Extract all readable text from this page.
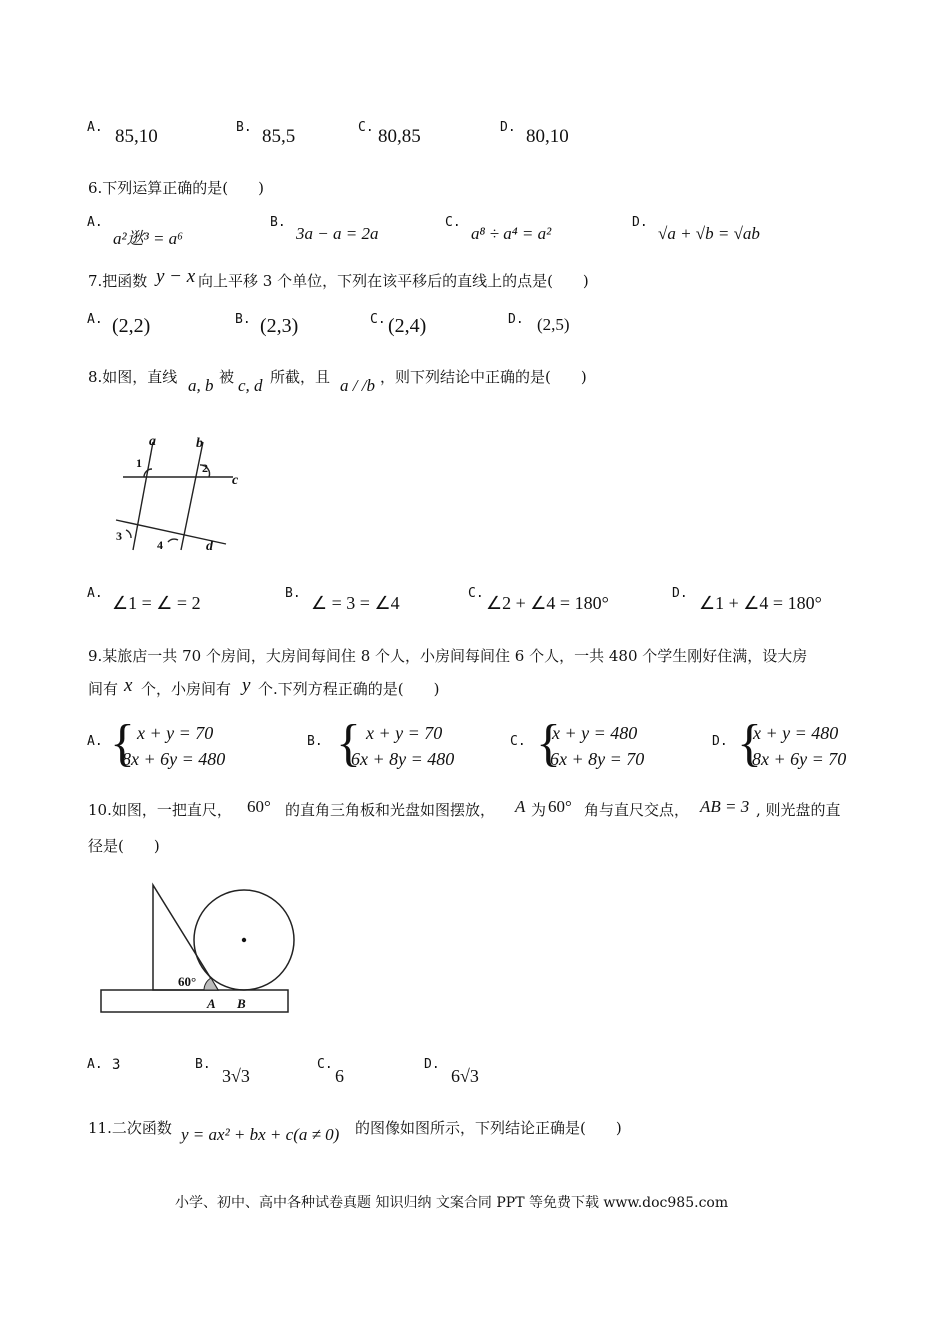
A. 85,10	B. 85,5	C. 80,85	D. 80,10
6.下列运算正确的是(　　)
A.
a²逖³ = a⁶
B.
3a − a = 2a
C.
a⁸ ÷ a⁴ = a²
D.
√a + √b = √ab
7.把函数 y − x 向上平移 3 个单位，下列在该平移后的直线上的点是(　　)
A. (2,2)	B. (2,3)	C. (2,4)	D. (2,5)
8.如图，直线 a, b 被 c, d 所截，且 a / /b ，则下列结论中正确的是(　　)
a	b
c
d
1	2
3
4
A. ∠1 = ∠ = 2	B. ∠ = 3 = ∠4	C. ∠2 + ∠4 = 180°	D. ∠1 + ∠4 = 180°
9.某旅店一共 70 个房间，大房间每间住 8 个人，小房间每间住 6 个人，一共 480 个学生刚好住满，设大房
间有 x 个，小房间有 y 个.下列方程正确的是(　　)
A. { x + y = 70
8x + 6y = 480
B. { x + y = 70
6x + 8y = 480
C. {
x + y = 480
6x + 8y = 70
D. {
x + y = 480
8x + 6y = 70
10.如图，一把直尺， 60° 的直角三角板和光盘如图摆放， A 为 60° 角与直尺交点， AB = 3 , 则光盘的直
径是(　　)
60°
A B
A. 3	B.
3√3
C.
6
D.
6√3
11.二次函数 y = ax² + bx + c(a ≠ 0) 的图像如图所示，下列结论正确是(　　)
小学、初中、高中各种试卷真题 知识归纳 文案合同 PPT 等免费下载 www.doc985.com
